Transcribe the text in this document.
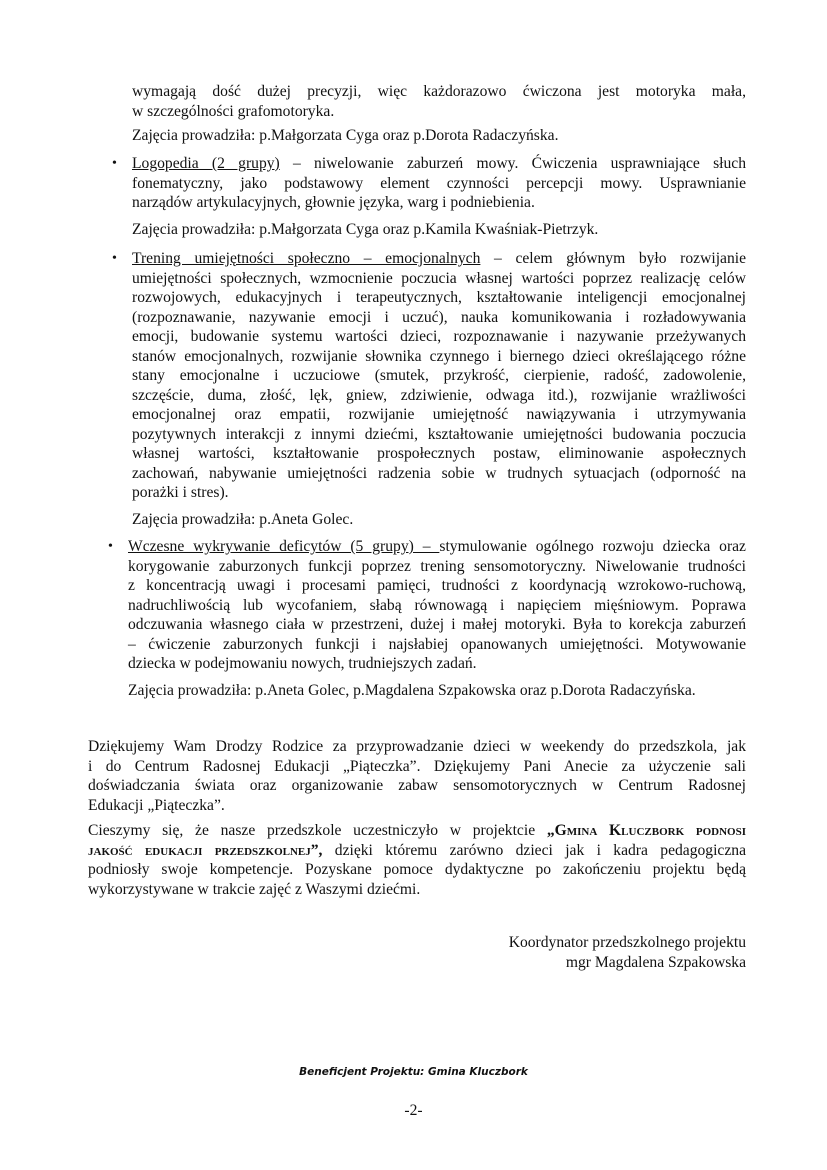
wymagają dość dużej precyzji, więc każdorazowo ćwiczona jest motoryka mała,
w szczególności grafomotoryka.
Zajęcia prowadziła: p.Małgorzata Cyga oraz p.Dorota Radaczyńska.
• Logopedia (2 grupy) – niwelowanie zaburzeń mowy. Ćwiczenia usprawniające słuch
fonematyczny, jako podstawowy element czynności percepcji mowy. Usprawnianie
narządów artykulacyjnych, głownie języka, warg i podniebienia.
Zajęcia prowadziła: p.Małgorzata Cyga oraz p.Kamila Kwaśniak-Pietrzyk.
• Trening umiejętności społeczno – emocjonalnych – celem głównym było rozwijanie
umiejętności społecznych, wzmocnienie poczucia własnej wartości poprzez realizację celów
rozwojowych, edukacyjnych i terapeutycznych, kształtowanie inteligencji emocjonalnej
(rozpoznawanie, nazywanie emocji i uczuć), nauka komunikowania i rozładowywania
emocji, budowanie systemu wartości dzieci, rozpoznawanie i nazywanie przeżywanych
stanów emocjonalnych, rozwijanie słownika czynnego i biernego dzieci określającego różne
stany emocjonalne i uczuciowe (smutek, przykrość, cierpienie, radość, zadowolenie,
szczęście, duma, złość, lęk, gniew, zdziwienie, odwaga itd.), rozwijanie wrażliwości
emocjonalnej oraz empatii, rozwijanie umiejętność nawiązywania i utrzymywania
pozytywnych interakcji z innymi dziećmi, kształtowanie umiejętności budowania poczucia
własnej wartości, kształtowanie prospołecznych postaw, eliminowanie aspołecznych
zachowań, nabywanie umiejętności radzenia sobie w trudnych sytuacjach (odporność na
porażki i stres).
Zajęcia prowadziła: p.Aneta Golec.
• Wczesne wykrywanie deficytów (5 grupy) – stymulowanie ogólnego rozwoju dziecka oraz
korygowanie zaburzonych funkcji poprzez trening sensomotoryczny. Niwelowanie trudności
z koncentracją uwagi i procesami pamięci, trudności z koordynacją wzrokowo-ruchową,
nadruchliwością lub wycofaniem, słabą równowagą i napięciem mięśniowym. Poprawa
odczuwania własnego ciała w przestrzeni, dużej i małej motoryki. Była to korekcja zaburzeń
– ćwiczenie zaburzonych funkcji i najsłabiej opanowanych umiejętności. Motywowanie
dziecka w podejmowaniu nowych, trudniejszych zadań.
Zajęcia prowadziła: p.Aneta Golec, p.Magdalena Szpakowska oraz p.Dorota Radaczyńska.
Dziękujemy Wam Drodzy Rodzice za przyprowadzanie dzieci w weekendy do przedszkola, jak
i do Centrum Radosnej Edukacji „Piąteczka”. Dziękujemy Pani Anecie za użyczenie sali
doświadczania świata oraz organizowanie zabaw sensomotorycznych w Centrum Radosnej
Edukacji „Piąteczka”.
Cieszymy się, że nasze przedszkole uczestniczyło w projektcie „Gmina Kluczbork podnosi
jakość edukacji przedszkolnej”, dzięki któremu zarówno dzieci jak i kadra pedagogiczna
podniosły swoje kompetencje. Pozyskane pomoce dydaktyczne po zakończeniu projektu będą
wykorzystywane w trakcie zajęć z Waszymi dziećmi.
Koordynator przedszkolnego projektu
mgr Magdalena Szpakowska
Beneficjent Projektu: Gmina Kluczbork
-2-
